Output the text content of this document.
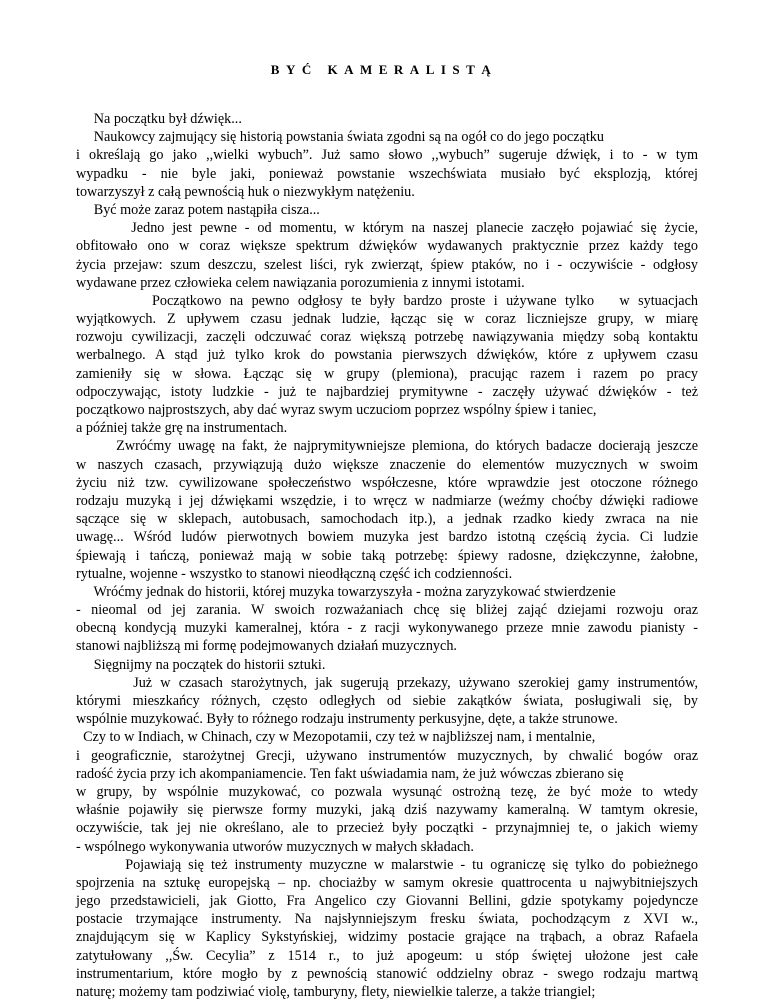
BYĆ KAMERALISTĄ
Na początku był dźwięk...
Naukowcy zajmujący się historią powstania świata zgodni są na ogół co do jego początku
i określają go jako ,,wielki wybuch”. Już samo słowo ,,wybuch” sugeruje dźwięk, i to - w tym
wypadku - nie byle jaki, ponieważ powstanie wszechświata musiało być eksplozją, której
towarzyszył z całą pewnością huk o niezwykłym natężeniu.
Być może zaraz potem nastąpiła cisza...
Jedno jest pewne - od momentu, w którym na naszej planecie zaczęło pojawiać się życie,
obfitowało ono w coraz większe spektrum dźwięków wydawanych praktycznie przez każdy tego
życia przejaw: szum deszczu, szelest liści, ryk zwierząt, śpiew ptaków, no i - oczywiście - odgłosy
wydawane przez człowieka celem nawiązania porozumienia z innymi istotami.
Początkowo na pewno odgłosy te były bardzo proste i używane tylko   w sytuacjach
wyjątkowych. Z upływem czasu jednak ludzie, łącząc się w coraz liczniejsze grupy, w miarę
rozwoju cywilizacji, zaczęli odczuwać coraz większą potrzebę nawiązywania między sobą kontaktu
werbalnego. A stąd już tylko krok do powstania pierwszych dźwięków, które z upływem czasu
zamieniły się w słowa. Łącząc się w grupy (plemiona), pracując razem i razem po pracy
odpoczywając, istoty ludzkie - już te najbardziej prymitywne - zaczęły używać dźwięków - też
początkowo najprostszych, aby dać wyraz swym uczuciom poprzez wspólny śpiew i taniec,
a później także grę na instrumentach.
Zwróćmy uwagę na fakt, że najprymitywniejsze plemiona, do których badacze docierają jeszcze
w naszych czasach, przywiązują dużo większe znaczenie do elementów muzycznych w swoim
życiu niż tzw. cywilizowane społeczeństwo współczesne, które wprawdzie jest otoczone różnego
rodzaju muzyką i jej dźwiękami wszędzie, i to wręcz w nadmiarze (weźmy choćby dźwięki radiowe
sączące się w sklepach, autobusach, samochodach itp.), a jednak rzadko kiedy zwraca na nie
uwagę... Wśród ludów pierwotnych bowiem muzyka jest bardzo istotną częścią życia. Ci ludzie
śpiewają i tańczą, ponieważ mają w sobie taką potrzebę: śpiewy radosne, dziękczynne, żałobne,
rytualne, wojenne - wszystko to stanowi nieodłączną część ich codzienności.
Wróćmy jednak do historii, której muzyka towarzyszyła - można zaryzykować stwierdzenie
- nieomal od jej zarania. W swoich rozważaniach chcę się bliżej zająć dziejami rozwoju oraz
obecną kondycją muzyki kameralnej, która - z racji wykonywanego przeze mnie zawodu pianisty -
stanowi najbliższą mi formę podejmowanych działań muzycznych.
Sięgnijmy na początek do historii sztuki.
Już w czasach starożytnych, jak sugerują przekazy, używano szerokiej gamy instrumentów,
którymi mieszkańcy różnych, często odległych od siebie zakątków świata, posługiwali się, by
wspólnie muzykować. Były to różnego rodzaju instrumenty perkusyjne, dęte, a także strunowe.
Czy to w Indiach, w Chinach, czy w Mezopotamii, czy też w najbliższej nam, i mentalnie,
i geograficznie, starożytnej Grecji, używano instrumentów muzycznych, by chwalić bogów oraz
radość życia przy ich akompaniamencie. Ten fakt uświadamia nam, że już wówczas zbierano się
w grupy, by wspólnie muzykować, co pozwala wysunąć ostrożną tezę, że być może to wtedy
właśnie pojawiły się pierwsze formy muzyki, jaką dziś nazywamy kameralną. W tamtym okresie,
oczywiście, tak jej nie określano, ale to przecież były początki - przynajmniej te, o jakich wiemy
- wspólnego wykonywania utworów muzycznych w małych składach.
Pojawiają się też instrumenty muzyczne w malarstwie - tu ograniczę się tylko do pobieżnego
spojrzenia na sztukę europejską – np. chociażby w samym okresie quattrocenta u najwybitniejszych
jego przedstawicieli, jak Giotto, Fra Angelico czy Giovanni Bellini, gdzie spotykamy pojedyncze
postacie trzymające instrumenty. Na najsłynniejszym fresku świata, pochodzącym z XVI w.,
znajdującym się w Kaplicy Sykstyńskiej, widzimy postacie grające na trąbach, a obraz Rafaela
zatytułowany ,,Św. Cecylia” z 1514 r., to już apogeum: u stóp świętej ułożone jest całe
instrumentarium, które mogło by z pewnością stanowić oddzielny obraz - swego rodzaju martwą
naturę; możemy tam podziwiać violę, tamburyny, flety, niewielkie talerze, a także triangiel;
